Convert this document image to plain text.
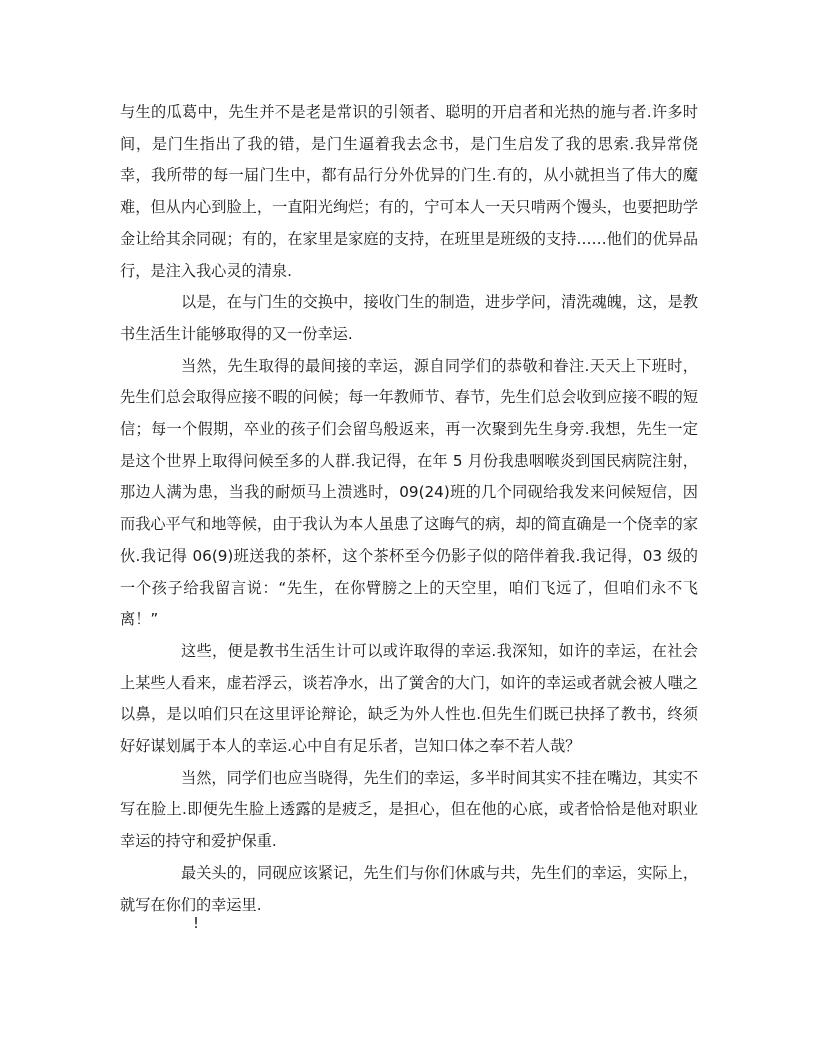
与生的瓜葛中，先生并不是老是常识的引领者、聪明的开启者和光热的施与者.许多时间，是门生指出了我的错，是门生逼着我去念书，是门生启发了我的思索.我异常侥幸，我所带的每一届门生中，都有品行分外优异的门生.有的，从小就担当了伟大的魔难，但从内心到脸上，一直阳光绚烂；有的，宁可本人一天只啃两个馒头，也要把助学金让给其余同砚；有的，在家里是家庭的支持，在班里是班级的支持……他们的优异品行，是注入我心灵的清泉.

以是，在与门生的交换中，接收门生的制造，进步学问，清洗魂魄，这，是教书生活生计能够取得的又一份幸运.

当然，先生取得的最间接的幸运，源自同学们的恭敬和眷注.天天上下班时，先生们总会取得应接不暇的问候；每一年教师节、春节，先生们总会收到应接不暇的短信；每一个假期，卒业的孩子们会留鸟般返来，再一次聚到先生身旁.我想，先生一定是这个世界上取得问候至多的人群.我记得，在年 5 月份我患咽喉炎到国民病院注射，那边人满为患，当我的耐烦马上溃逃时，09(24)班的几个同砚给我发来问候短信，因而我心平气和地等候，由于我认为本人虽患了这晦气的病，却的简直确是一个侥幸的家伙.我记得 06(9)班送我的茶杯，这个茶杯至今仍影子似的陪伴着我.我记得，03 级的一个孩子给我留言说：“先生，在你臂膀之上的天空里，咱们飞远了，但咱们永不飞离！”

这些，便是教书生活生计可以或许取得的幸运.我深知，如许的幸运，在社会上某些人看来，虚若浮云，谈若净水，出了黉舍的大门，如许的幸运或者就会被人嗤之以鼻，是以咱们只在这里评论辩论，缺乏为外人性也.但先生们既已抉择了教书，终须好好谋划属于本人的幸运.心中自有足乐者，岂知口体之奉不若人哉？

当然，同学们也应当晓得，先生们的幸运，多半时间其实不挂在嘴边，其实不写在脸上.即便先生脸上透露的是疲乏，是担心，但在他的心底，或者恰恰是他对职业幸运的持守和爱护保重.

最关头的，同砚应该紧记，先生们与你们休戚与共，先生们的幸运，实际上，就写在你们的幸运里.

!
